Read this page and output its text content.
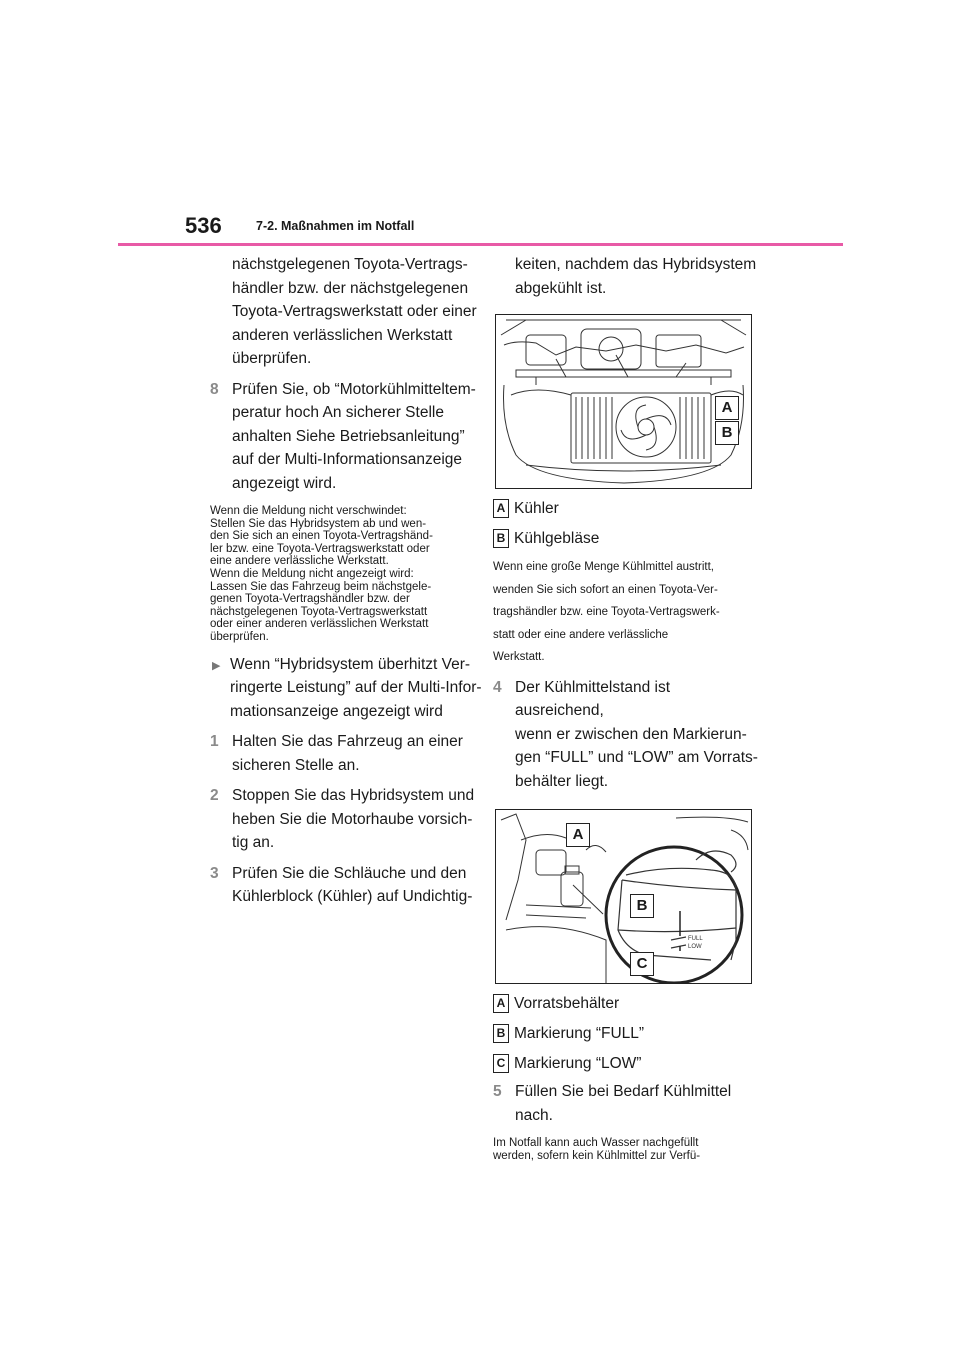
536	7-2. Maßnahmen im Notfall

nächstgelegenen Toyota-Vertrags-

händler bzw. der nächstgelegenen

Toyota-Vertragswerkstatt oder einer

anderen verlässlichen Werkstatt

überprüfen.

8 Prüfen Sie, ob “Motorkühlmitteltem-
peratur hoch An sicherer Stelle
anhalten Siehe Betriebsanleitung”
auf der Multi-Informationsanzeige
angezeigt wird.
Wenn die Meldung nicht verschwindet:
Stellen Sie das Hybridsystem ab und wen-
den Sie sich an einen Toyota-Vertragshänd-
ler bzw. eine Toyota-Vertragswerkstatt oder
eine andere verlässliche Werkstatt.
Wenn die Meldung nicht angezeigt wird:
Lassen Sie das Fahrzeug beim nächstgele-
genen Toyota-Vertragshändler bzw. der
nächstgelegenen Toyota-Vertragswerkstatt
oder einer anderen verlässlichen Werkstatt
überprüfen.
▶ Wenn “Hybridsystem überhitzt Ver-
ringerte Leistung” auf der Multi-Infor-
mationsanzeige angezeigt wird
1 Halten Sie das Fahrzeug an einer
sicheren Stelle an.
2 Stoppen Sie das Hybridsystem und
heben Sie die Motorhaube vorsich-
tig an.
3 Prüfen Sie die Schläuche und den
Kühlerblock (Kühler) auf Undichtig-

keiten, nachdem das Hybridsystem

abgekühlt ist.

A
B
A Kühler
B Kühlgebläse
Wenn eine große Menge Kühlmittel austritt,
wenden Sie sich sofort an einen Toyota-Ver-
tragshändler bzw. eine Toyota-Vertragswerk-
statt oder eine andere verlässliche
Werkstatt.
4 Der Kühlmittelstand ist ausreichend,
wenn er zwischen den Markierun-
gen “FULL” und “LOW” am Vorrats-
behälter liegt.
FULL
LOW
A
B
C
A Vorratsbehälter
B Markierung “FULL”
C Markierung “LOW”
5 Füllen Sie bei Bedarf Kühlmittel
nach.
Im Notfall kann auch Wasser nachgefüllt
werden, sofern kein Kühlmittel zur Verfü-
